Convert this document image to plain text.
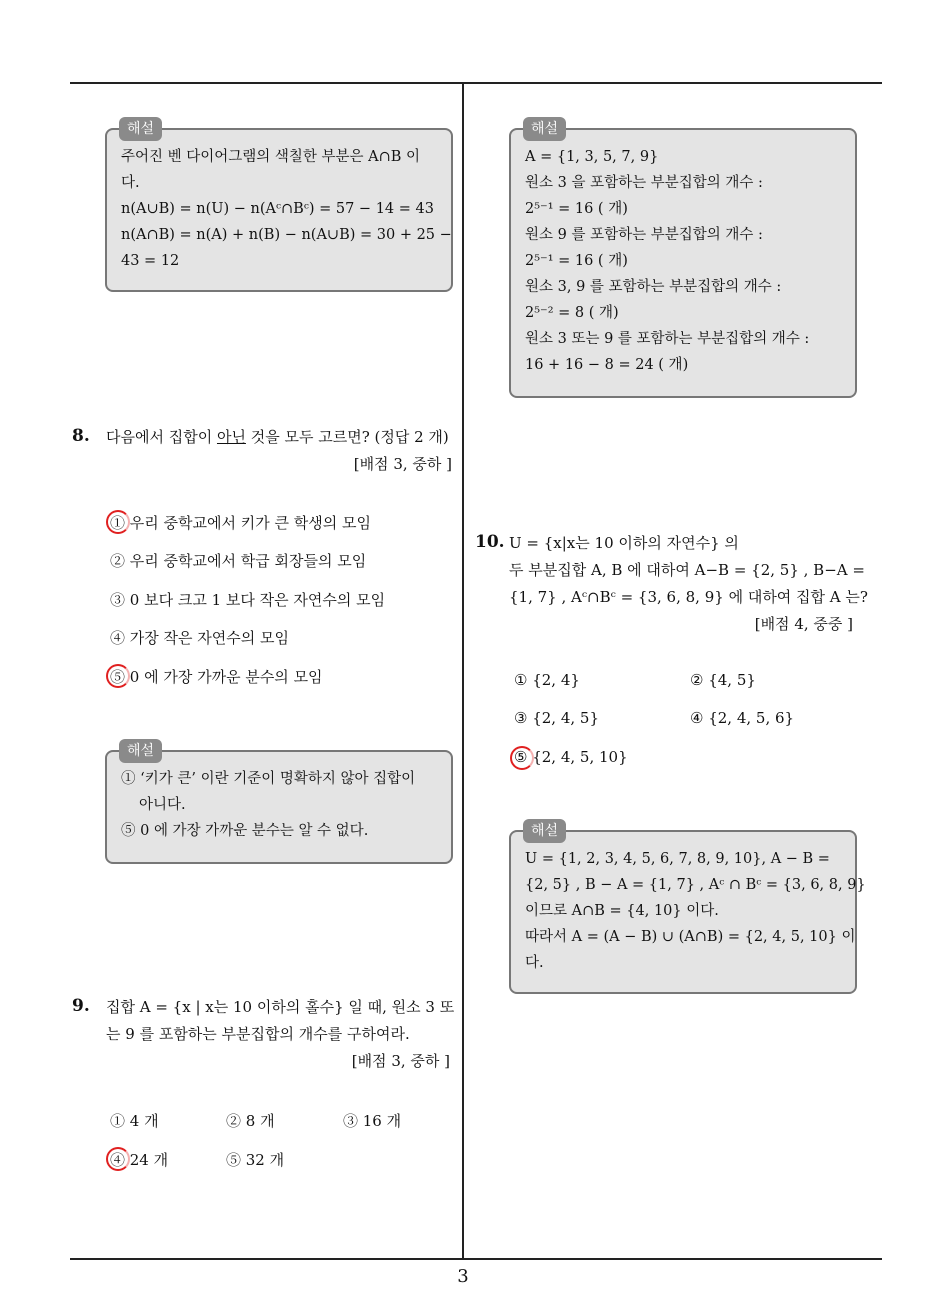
해설
주어진 벤 다이어그램의 색칠한 부분은 A∩B 이
다.
n(A∪B) = n(U) − n(Aᶜ∩Bᶜ) = 57 − 14 = 43
n(A∩B) = n(A) + n(B) − n(A∪B) = 30 + 25 −
43 = 12
8. 다음에서 집합이 아닌 것을 모두 고르면? (정답 2 개)
[배점 3, 중하 ]
① 우리 중학교에서 키가 큰 학생의 모임
② 우리 중학교에서 학급 회장들의 모임
③ 0 보다 크고 1 보다 작은 자연수의 모임
④ 가장 작은 자연수의 모임
⑤ 0 에 가장 가까운 분수의 모임
해설
① ‘키가 큰’ 이란 기준이 명확하지 않아 집합이
아니다.
⑤ 0 에 가장 가까운 분수는 알 수 없다.
9. 집합 A = {x | x는 10 이하의 홀수} 일 때, 원소 3 또
는 9 를 포함하는 부분집합의 개수를 구하여라.
[배점 3, 중하 ]
① 4 개	② 8 개	③ 16 개
④ 24 개	⑤ 32 개
해설
A = {1, 3, 5, 7, 9}
원소 3 을 포함하는 부분집합의 개수 :
2⁵⁻¹ = 16 ( 개)
원소 9 를 포함하는 부분집합의 개수 :
2⁵⁻¹ = 16 ( 개)
원소 3, 9 를 포함하는 부분집합의 개수 :
2⁵⁻² = 8 ( 개)
원소 3 또는 9 를 포함하는 부분집합의 개수 :
16 + 16 − 8 = 24 ( 개)
10. U = {x|x는 10 이하의 자연수} 의
두 부분집합 A, B 에 대하여 A−B = {2, 5} , B−A =
{1, 7} , Aᶜ∩Bᶜ = {3, 6, 8, 9} 에 대하여 집합 A 는?
[배점 4, 중중 ]
① {2, 4}	② {4, 5}
③ {2, 4, 5}	④ {2, 4, 5, 6}
⑤ {2, 4, 5, 10}
해설
U = {1, 2, 3, 4, 5, 6, 7, 8, 9, 10}, A − B =
{2, 5} , B − A = {1, 7} , Aᶜ ∩ Bᶜ = {3, 6, 8, 9}
이므로 A∩B = {4, 10} 이다.
따라서 A = (A − B) ∪ (A∩B) = {2, 4, 5, 10} 이
다.
3
